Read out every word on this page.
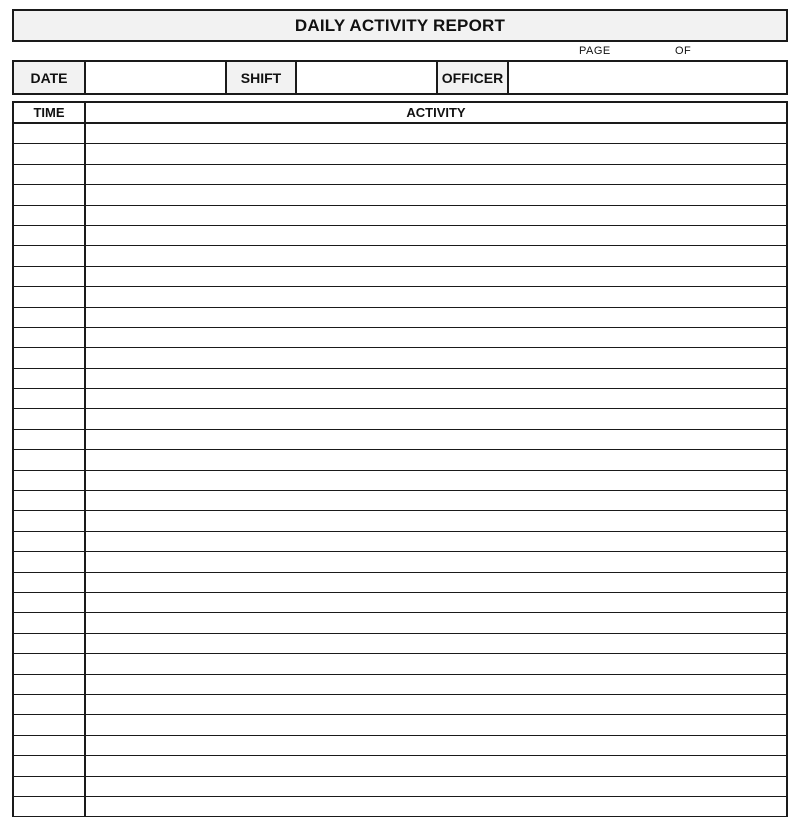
DAILY ACTIVITY REPORT
PAGE	OF
DATE	SHIFT	OFFICER
TIME	ACTIVITY
